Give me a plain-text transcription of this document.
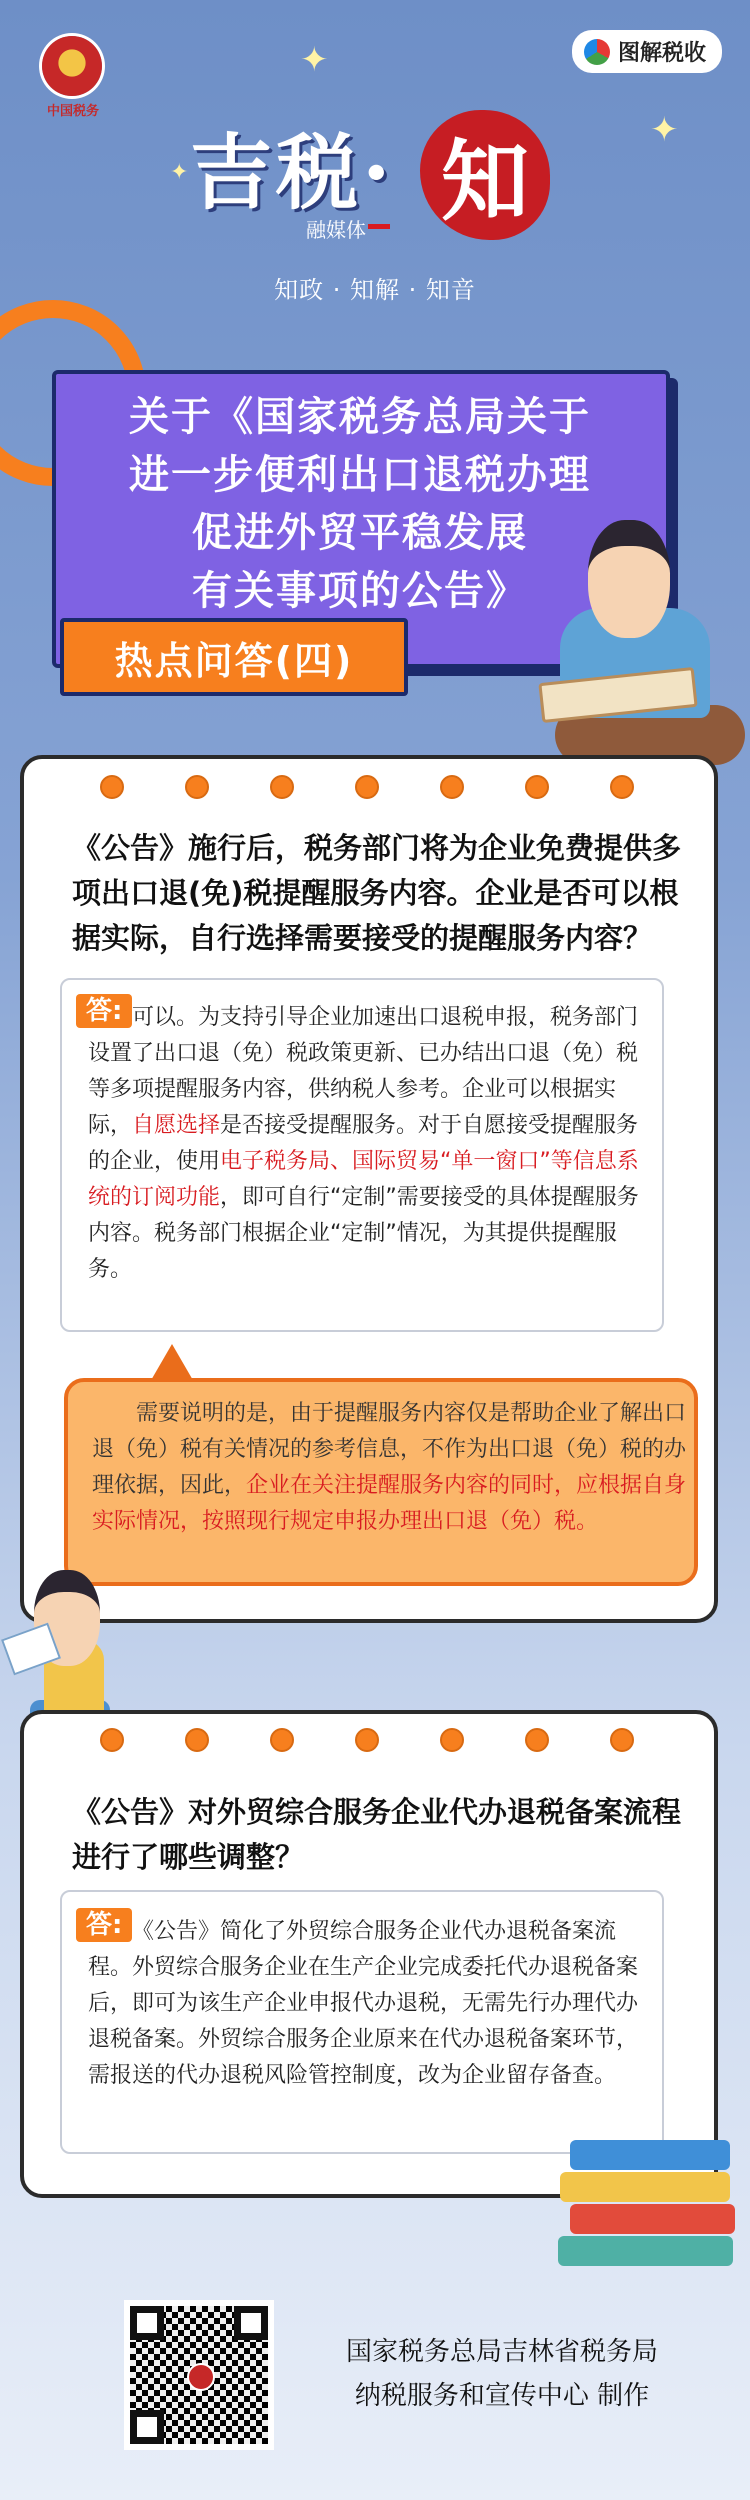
✦
✦
✦
中国税务
图解税收
吉税· 知
融媒体
知政 · 知解 · 知音
关于《国家税务总局关于
进一步便利出口退税办理
促进外贸平稳发展
有关事项的公告》
热点问答(四)
《公告》施行后，税务部门将为企业免费提供多项出口退(免)税提醒服务内容。企业是否可以根据实际，自行选择需要接受的提醒服务内容？
答: 可以。为支持引导企业加速出口退税申报，税务部门设置了出口退（免）税政策更新、已办结出口退（免）税等多项提醒服务内容，供纳税人参考。企业可以根据实际，自愿选择是否接受提醒服务。对于自愿接受提醒服务的企业，使用电子税务局、国际贸易“单一窗口”等信息系统的订阅功能，即可自行“定制”需要接受的具体提醒服务内容。税务部门根据企业“定制”情况，为其提供提醒服务。
需要说明的是，由于提醒服务内容仅是帮助企业了解出口退（免）税有关情况的参考信息，不作为出口退（免）税的办理依据，因此，企业在关注提醒服务内容的同时，应根据自身实际情况，按照现行规定申报办理出口退（免）税。
《公告》对外贸综合服务企业代办退税备案流程进行了哪些调整？
答: 《公告》简化了外贸综合服务企业代办退税备案流程。外贸综合服务企业在生产企业完成委托代办退税备案后，即可为该生产企业申报代办退税，无需先行办理代办退税备案。外贸综合服务企业原来在代办退税备案环节，需报送的代办退税风险管控制度，改为企业留存备查。
国家税务总局吉林省税务局
纳税服务和宣传中心 制作
